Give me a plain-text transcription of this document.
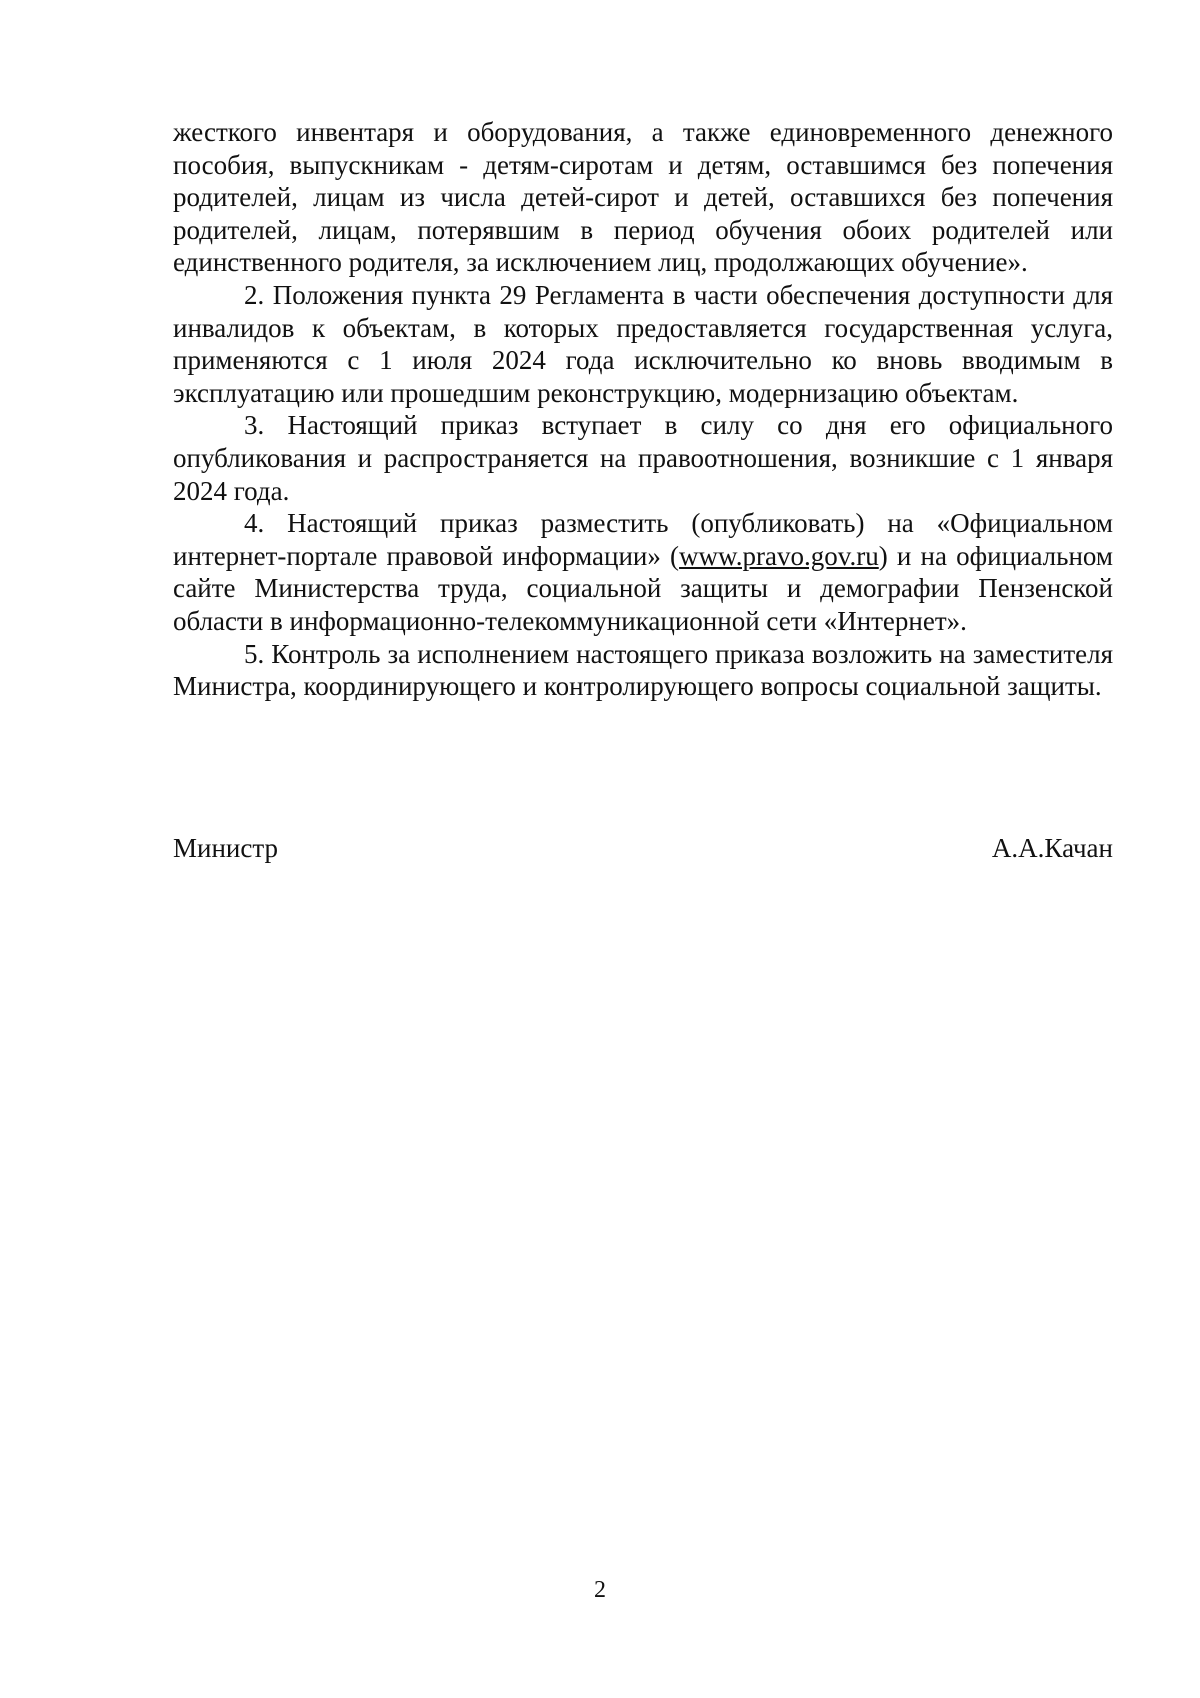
жесткого инвентаря и оборудования, а также единовременного денежного пособия, выпускникам - детям-сиротам и детям, оставшимся без попечения родителей, лицам из числа детей-сирот и детей, оставшихся без попечения родителей, лицам, потерявшим в период обучения обоих родителей или единственного родителя, за исключением лиц, продолжающих обучение».

2. Положения пункта 29 Регламента в части обеспечения доступности для инвалидов к объектам, в которых предоставляется государственная услуга, применяются с 1 июля 2024 года исключительно ко вновь вводимым в эксплуатацию или прошедшим реконструкцию, модернизацию объектам.

3. Настоящий приказ вступает в силу со дня его официального опубликования и распространяется на правоотношения, возникшие с 1 января 2024 года.

4. Настоящий приказ разместить (опубликовать) на «Официальном интернет-портале правовой информации» (www.pravo.gov.ru) и на официальном сайте Министерства труда, социальной защиты и демографии Пензенской области в информационно-телекоммуникационной сети «Интернет».

5. Контроль за исполнением настоящего приказа возложить на заместителя Министра, координирующего и контролирующего вопросы социальной защиты.

Министр	А.А.Качан
2
